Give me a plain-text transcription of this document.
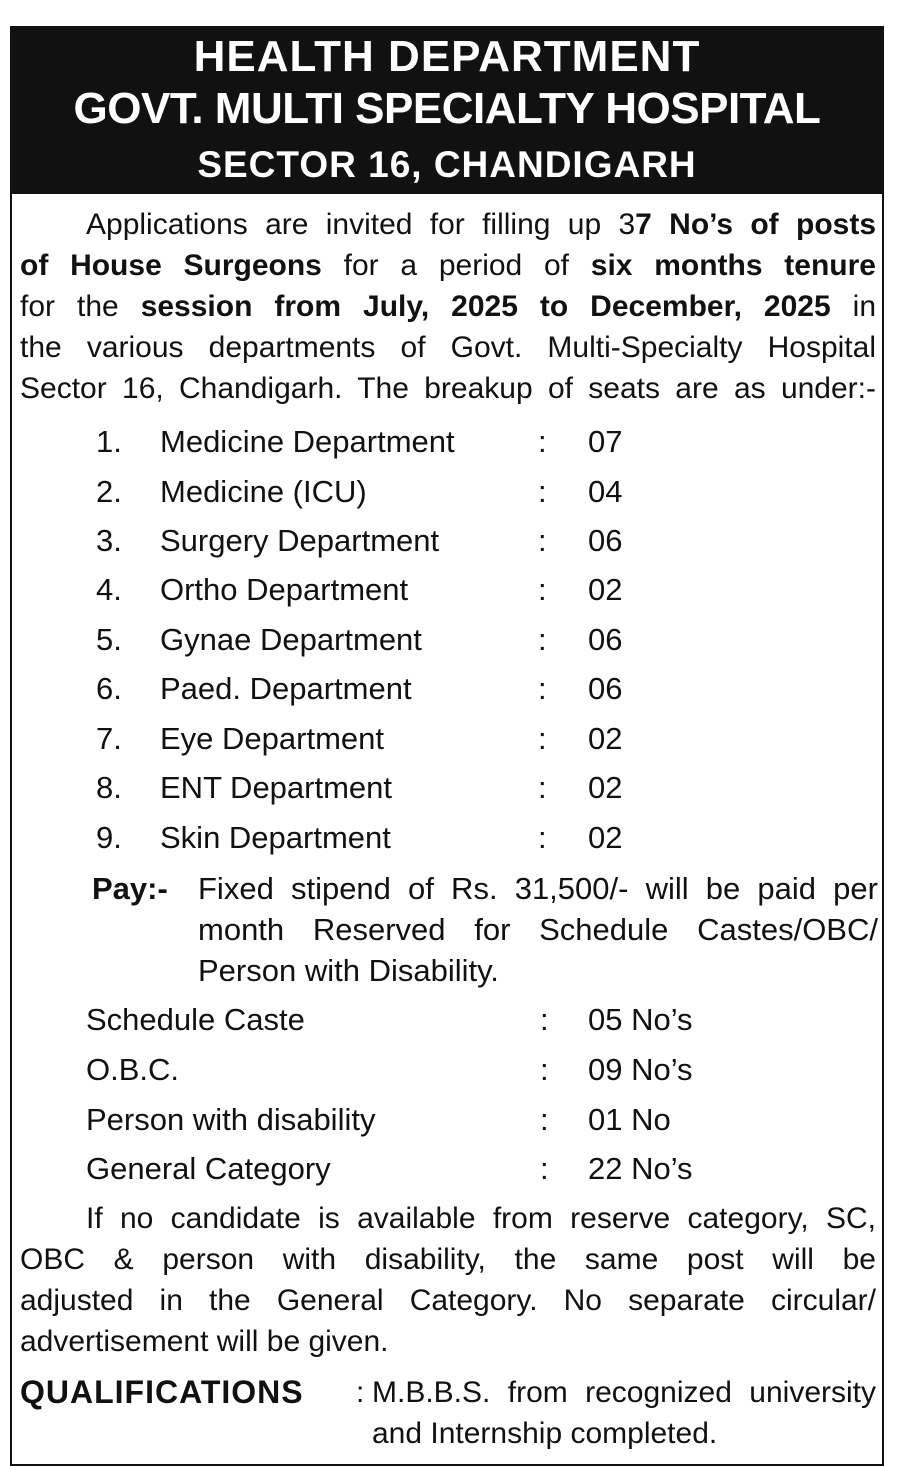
HEALTH DEPARTMENT
GOVT. MULTI SPECIALTY HOSPITAL
SECTOR 16, CHANDIGARH
Applications are invited for filling up 37 No’s of posts
of House Surgeons for a period of six months tenure
for the session from July, 2025 to December, 2025 in
the various departments of Govt. Multi-Specialty Hospital
Sector 16, Chandigarh. The breakup of seats are as under:-
1. Medicine Department	: 07
2. Medicine (ICU)	: 04
3. Surgery Department	: 06
4. Ortho Department	: 02
5. Gynae Department	: 06
6. Paed. Department	: 06
7. Eye Department	: 02
8. ENT Department	: 02
9. Skin Department	: 02
Pay:- Fixed stipend of Rs. 31,500/- will be paid per
month Reserved for Schedule Castes/OBC/
Person with Disability.
Schedule Caste	: 05 No’s
O.B.C.	: 09 No’s
Person with disability	: 01 No
General Category	: 22 No’s
If no candidate is available from reserve category, SC,
OBC & person with disability, the same post will be
adjusted in the General Category. No separate circular/
advertisement will be given.
QUALIFICATIONS : M.B.B.S. from recognized university
and Internship completed.
